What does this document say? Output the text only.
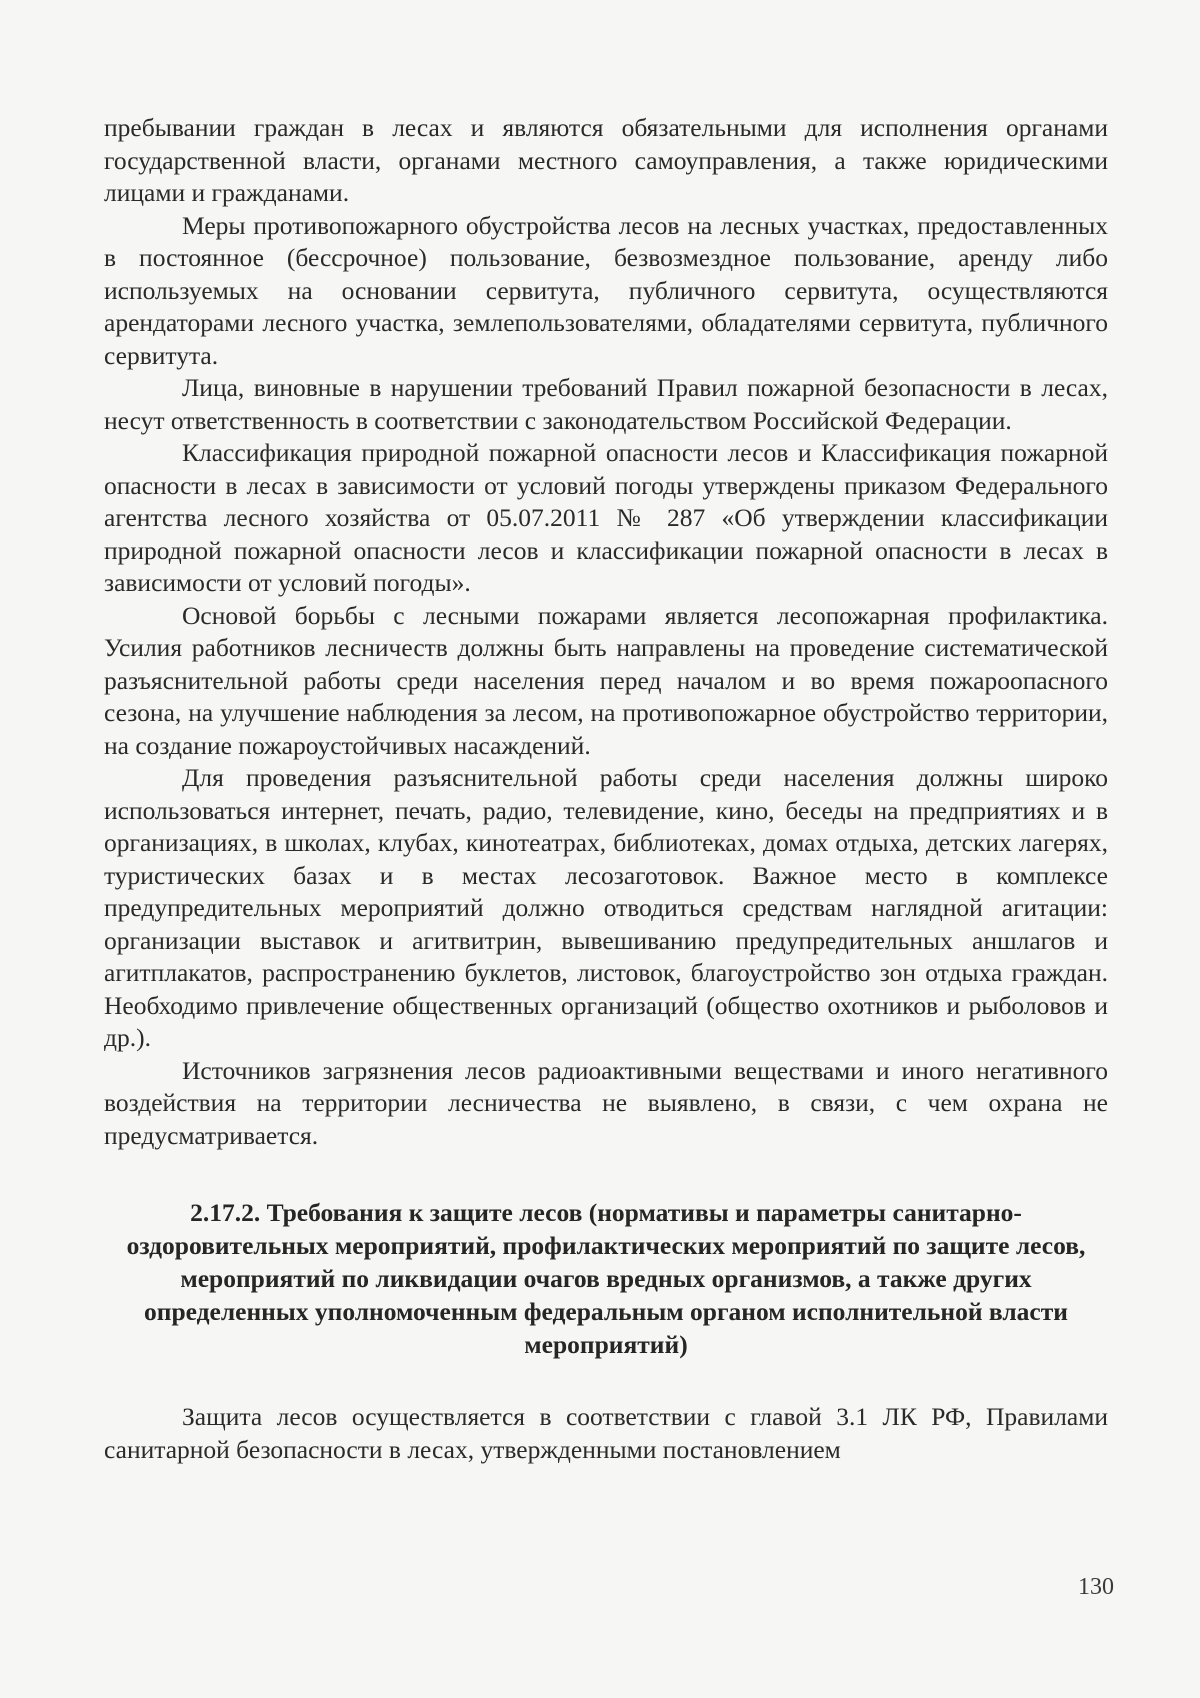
пребывании граждан в лесах и являются обязательными для исполнения органами государственной власти, органами местного самоуправления, а также юридическими лицами и гражданами.

Меры противопожарного обустройства лесов на лесных участках, предоставленных в постоянное (бессрочное) пользование, безвозмездное пользование, аренду либо используемых на основании сервитута, публичного сервитута, осуществляются арендаторами лесного участка, землепользователями, обладателями сервитута, публичного сервитута.

Лица, виновные в нарушении требований Правил пожарной безопасности в лесах, несут ответственность в соответствии с законодательством Российской Федерации.

Классификация природной пожарной опасности лесов и Классификация пожарной опасности в лесах в зависимости от условий погоды утверждены приказом Федерального агентства лесного хозяйства от 05.07.2011 № 287 «Об утверждении классификации природной пожарной опасности лесов и классификации пожарной опасности в лесах в зависимости от условий погоды».

Основой борьбы с лесными пожарами является лесопожарная профилактика. Усилия работников лесничеств должны быть направлены на проведение систематической разъяснительной работы среди населения перед началом и во время пожароопасного сезона, на улучшение наблюдения за лесом, на противопожарное обустройство территории, на создание пожароустойчивых насаждений.

Для проведения разъяснительной работы среди населения должны широко использоваться интернет, печать, радио, телевидение, кино, беседы на предприятиях и в организациях, в школах, клубах, кинотеатрах, библиотеках, домах отдыха, детских лагерях, туристических базах и в местах лесозаготовок. Важное место в комплексе предупредительных мероприятий должно отводиться средствам наглядной агитации: организации выставок и агитвитрин, вывешиванию предупредительных аншлагов и агитплакатов, распространению буклетов, листовок, благоустройство зон отдыха граждан. Необходимо привлечение общественных организаций (общество охотников и рыболовов и др.).

Источников загрязнения лесов радиоактивными веществами и иного негативного воздействия на территории лесничества не выявлено, в связи, с чем охрана не предусматривается.

2.17.2. Требования к защите лесов (нормативы и параметры санитарно-оздоровительных мероприятий, профилактических мероприятий по защите лесов, мероприятий по ликвидации очагов вредных организмов, а также других определенных уполномоченным федеральным органом исполнительной власти мероприятий)

Защита лесов осуществляется в соответствии с главой 3.1 ЛК РФ, Правилами санитарной безопасности в лесах, утвержденными постановлением

130
